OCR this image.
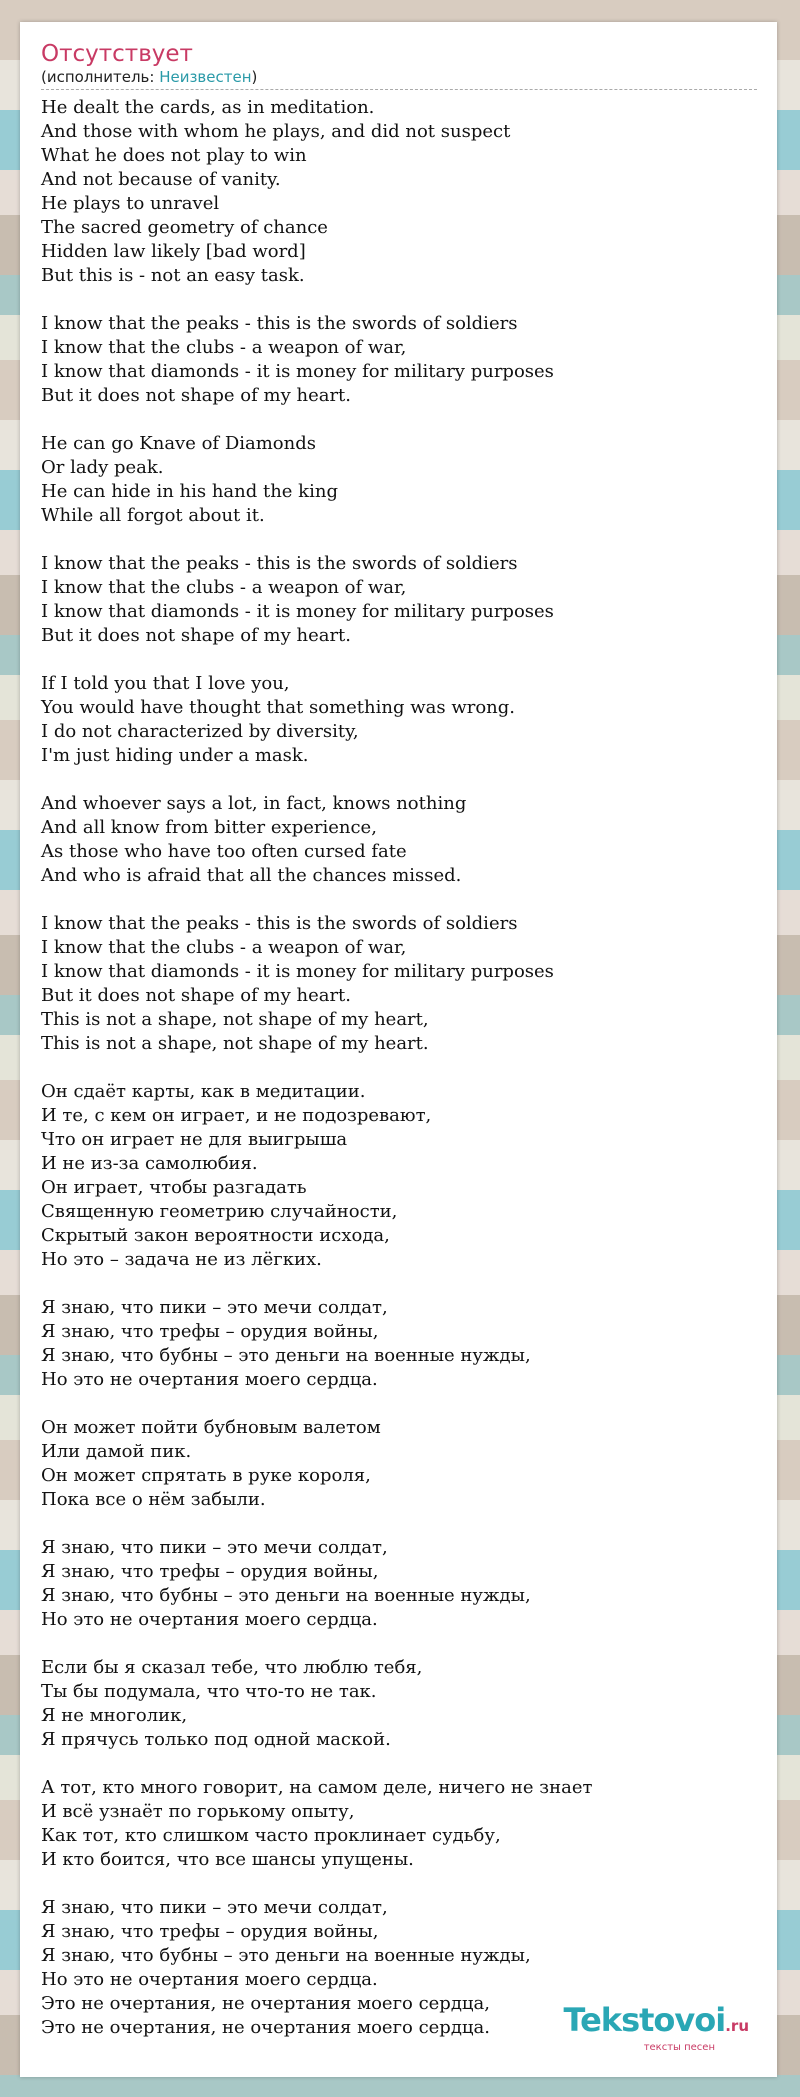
Отсутствует
(исполнитель: Неизвестен)
He dealt the cards, as in meditation.
And those with whom he plays, and did not suspect
What he does not play to win
And not because of vanity.
He plays to unravel
The sacred geometry of chance
Hidden law likely [bad word]
But this is - not an easy task.
I know that the peaks - this is the swords of soldiers
I know that the clubs - a weapon of war,
I know that diamonds - it is money for military purposes
But it does not shape of my heart.
He can go Knave of Diamonds
Or lady peak.
He can hide in his hand the king
While all forgot about it.
I know that the peaks - this is the swords of soldiers
I know that the clubs - a weapon of war,
I know that diamonds - it is money for military purposes
But it does not shape of my heart.
If I told you that I love you,
You would have thought that something was wrong.
I do not characterized by diversity,
I'm just hiding under a mask.
And whoever says a lot, in fact, knows nothing
And all know from bitter experience,
As those who have too often cursed fate
And who is afraid that all the chances missed.
I know that the peaks - this is the swords of soldiers
I know that the clubs - a weapon of war,
I know that diamonds - it is money for military purposes
But it does not shape of my heart.
This is not a shape, not shape of my heart,
This is not a shape, not shape of my heart.
Он сдаёт карты, как в медитации.
И те, с кем он играет, и не подозревают,
Что он играет не для выигрыша
И не из-за самолюбия.
Он играет, чтобы разгадать
Священную геометрию случайности,
Скрытый закон вероятности исхода,
Но это – задача не из лёгких.
Я знаю, что пики – это мечи солдат,
Я знаю, что трефы – орудия войны,
Я знаю, что бубны – это деньги на военные нужды,
Но это не очертания моего сердца.
Он может пойти бубновым валетом
Или дамой пик.
Он может спрятать в руке короля,
Пока все о нём забыли.
Я знаю, что пики – это мечи солдат,
Я знаю, что трефы – орудия войны,
Я знаю, что бубны – это деньги на военные нужды,
Но это не очертания моего сердца.
Если бы я сказал тебе, что люблю тебя,
Ты бы подумала, что что-то не так.
Я не многолик,
Я прячусь только под одной маской.
А тот, кто много говорит, на самом деле, ничего не знает
И всё узнаёт по горькому опыту,
Как тот, кто слишком часто проклинает судьбу,
И кто боится, что все шансы упущены.
Я знаю, что пики – это мечи солдат,
Я знаю, что трефы – орудия войны,
Я знаю, что бубны – это деньги на военные нужды,
Но это не очертания моего сердца.
Это не очертания, не очертания моего сердца,
Это не очертания, не очертания моего сердца.	Tekstovoi.ru
тексты песен
